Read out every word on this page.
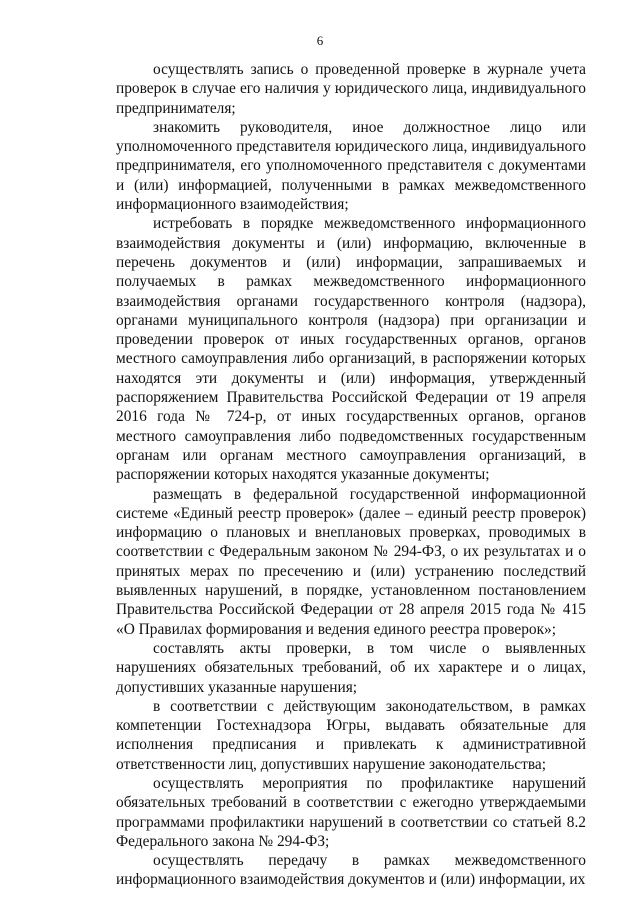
6

осуществлять запись о проведенной проверке в журнале учета проверок в случае его наличия у юридического лица, индивидуального предпринимателя;

знакомить руководителя, иное должностное лицо или уполномоченного представителя юридического лица, индивидуального предпринимателя, его уполномоченного представителя с документами и (или) информацией, полученными в рамках межведомственного информационного взаимодействия;

истребовать в порядке межведомственного информационного взаимодействия документы и (или) информацию, включенные в перечень документов и (или) информации, запрашиваемых и получаемых в рамках межведомственного информационного взаимодействия органами государственного контроля (надзора), органами муниципального контроля (надзора) при организации и проведении проверок от иных государственных органов, органов местного самоуправления либо организаций, в распоряжении которых находятся эти документы и (или) информация, утвержденный распоряжением Правительства Российской Федерации от 19 апреля 2016 года № 724-р, от иных государственных органов, органов местного самоуправления либо подведомственных государственным органам или органам местного самоуправления организаций, в распоряжении которых находятся указанные документы;

размещать в федеральной государственной информационной системе «Единый реестр проверок» (далее – единый реестр проверок) информацию о плановых и внеплановых проверках, проводимых в соответствии с Федеральным законом № 294-ФЗ, о их результатах и о принятых мерах по пресечению и (или) устранению последствий выявленных нарушений, в порядке, установленном постановлением Правительства Российской Федерации от 28 апреля 2015 года № 415 «О Правилах формирования и ведения единого реестра проверок»;

составлять акты проверки, в том числе о выявленных нарушениях обязательных требований, об их характере и о лицах, допустивших указанные нарушения;

в соответствии с действующим законодательством, в рамках компетенции Гостехнадзора Югры, выдавать обязательные для исполнения предписания и привлекать к административной ответственности лиц, допустивших нарушение законодательства;

осуществлять мероприятия по профилактике нарушений обязательных требований в соответствии с ежегодно утверждаемыми программами профилактики нарушений в соответствии со статьей 8.2 Федерального закона № 294-ФЗ;

осуществлять передачу в рамках межведомственного информационного взаимодействия документов и (или) информации, их
